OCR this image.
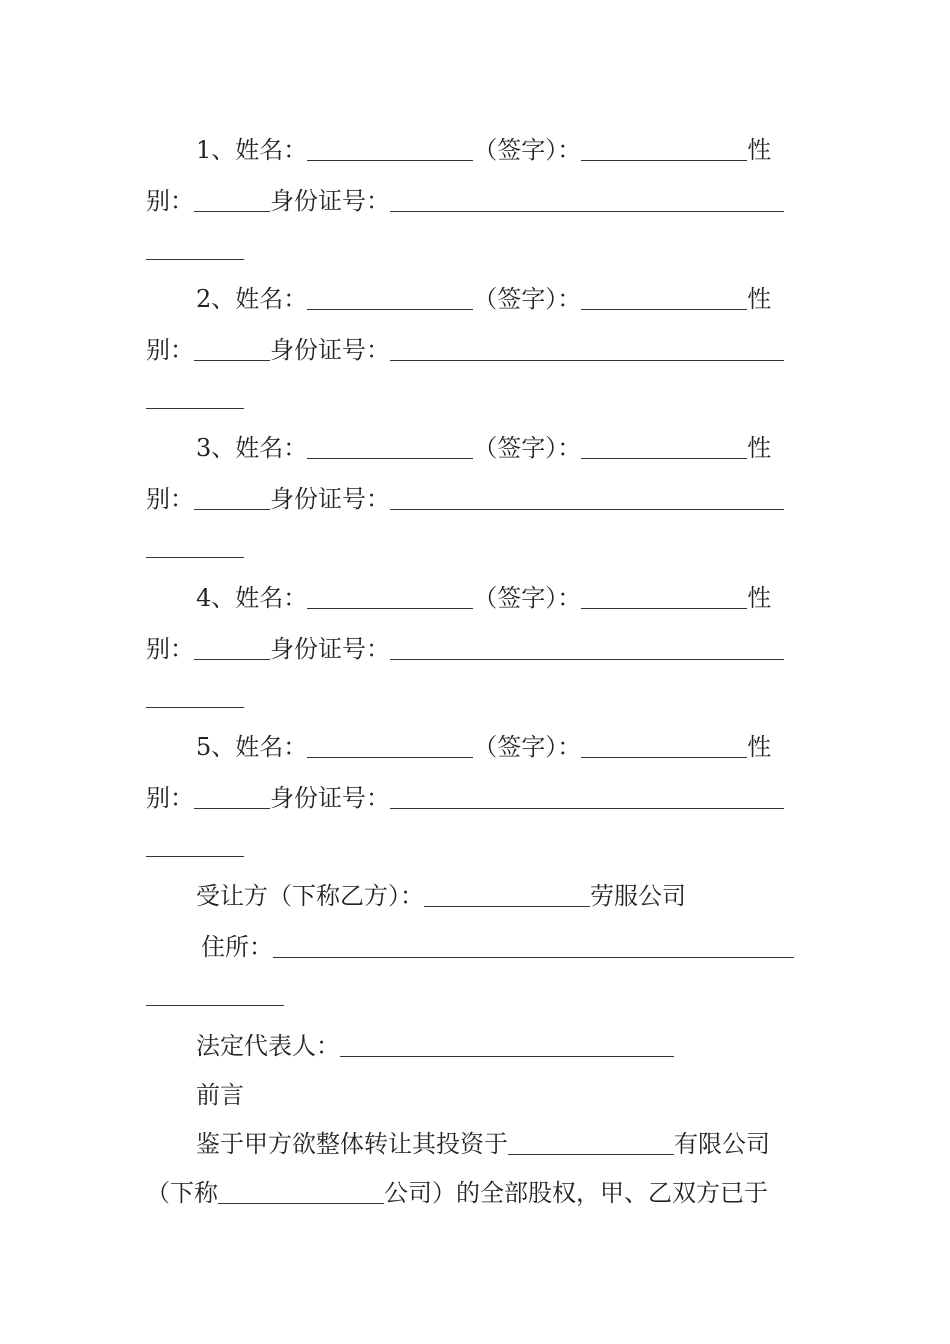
1、姓名：	（签字）：	性
别：	身份证号：
2、姓名：	（签字）：	性
别：	身份证号：
3、姓名：	（签字）：	性
别：	身份证号：
4、姓名：	（签字）：	性
别：	身份证号：
5、姓名：	（签字）：	性
别：	身份证号：
受让方（下称乙方）：	劳服公司
住所：
法定代表人：
前言
鉴于甲方欲整体转让其投资于	有限公司
（下称	公司）的全部股权，甲、乙双方已于
